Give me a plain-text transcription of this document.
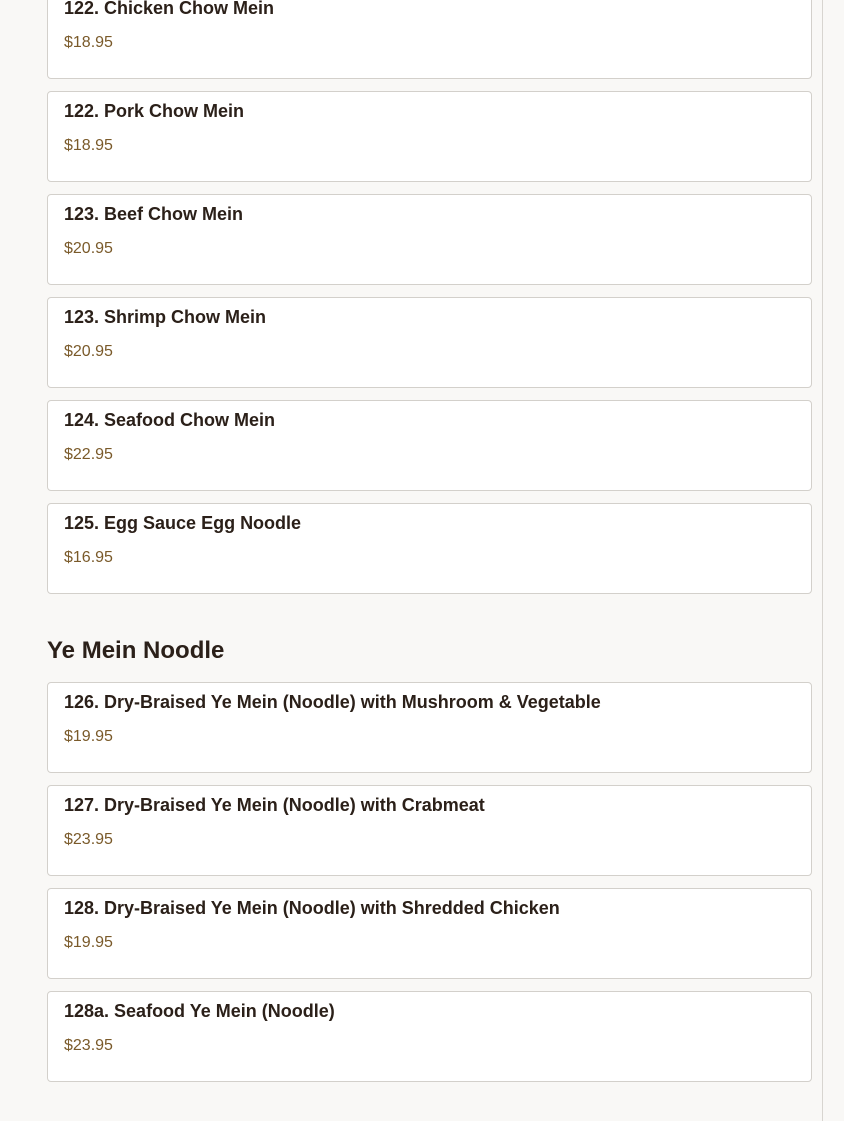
122. Chicken Chow Mein
$18.95
122. Pork Chow Mein
$18.95
123. Beef Chow Mein
$20.95
123. Shrimp Chow Mein
$20.95
124. Seafood Chow Mein
$22.95
125. Egg Sauce Egg Noodle
$16.95
Ye Mein Noodle
126. Dry-Braised Ye Mein (Noodle) with Mushroom & Vegetable
$19.95
127. Dry-Braised Ye Mein (Noodle) with Crabmeat
$23.95
128. Dry-Braised Ye Mein (Noodle) with Shredded Chicken
$19.95
128a. Seafood Ye Mein (Noodle)
$23.95
